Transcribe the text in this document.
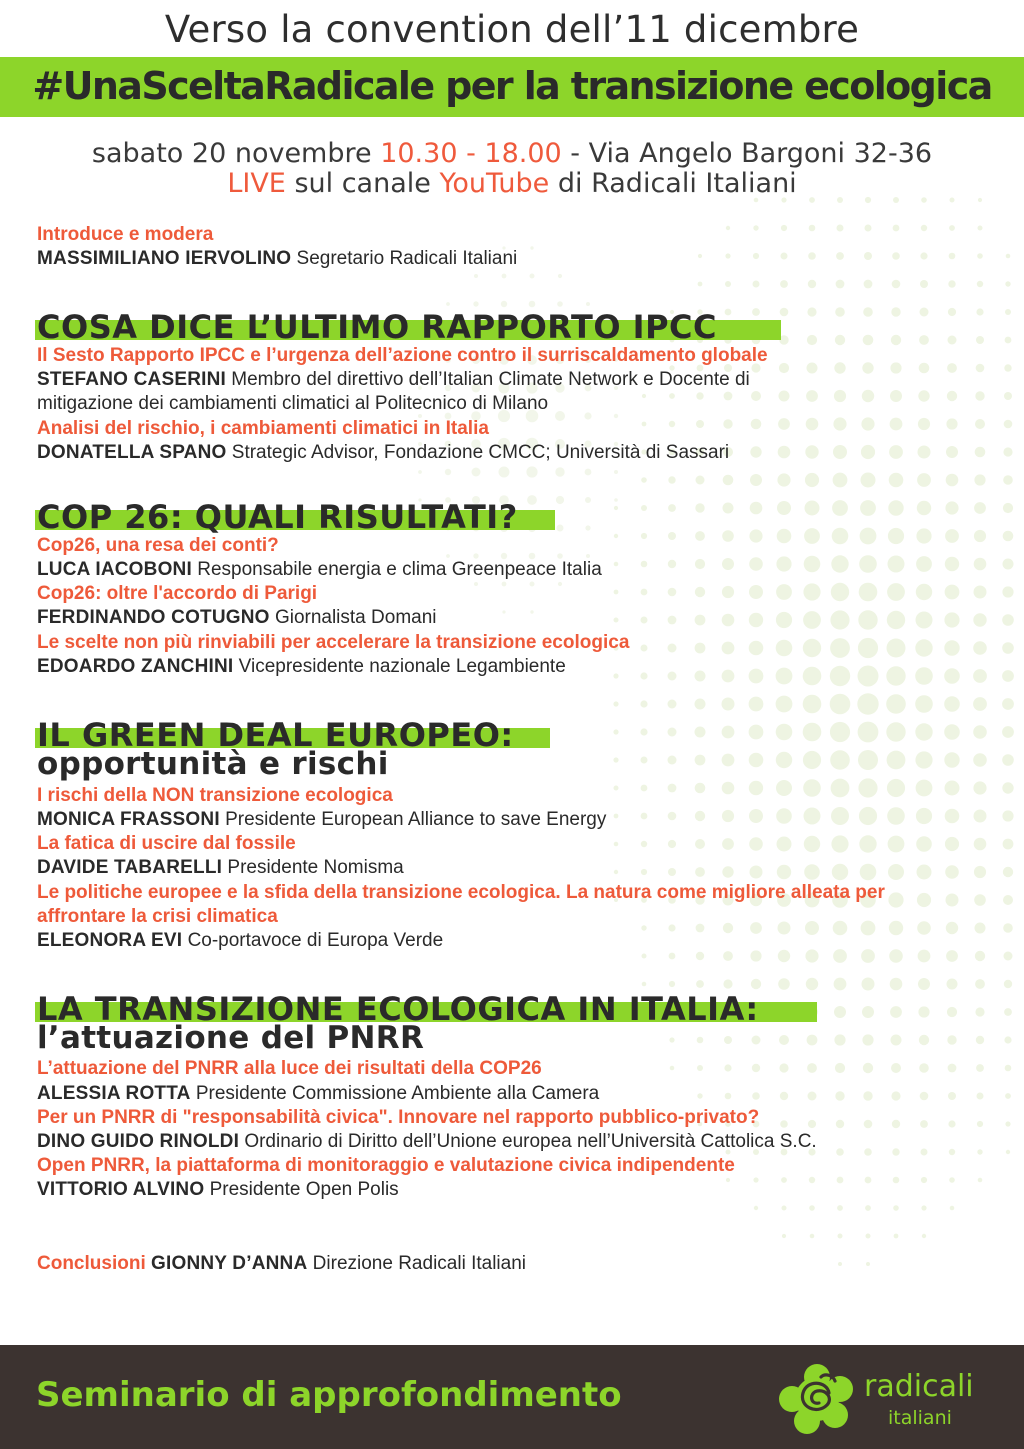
Verso la convention dell’11 dicembre
#UnaSceltaRadicale per la transizione ecologica
sabato 20 novembre 10.30 - 18.00 - Via Angelo Bargoni 32-36
LIVE sul canale YouTube di Radicali Italiani
Introduce e modera
MASSIMILIANO IERVOLINO Segretario Radicali Italiani
COSA DICE L’ULTIMO RAPPORTO IPCC
Il Sesto Rapporto IPCC e l’urgenza dell’azione contro il surriscaldamento globale
STEFANO CASERINI Membro del direttivo dell’Italian Climate Network e Docente di
mitigazione dei cambiamenti climatici al Politecnico di Milano
Analisi del rischio, i cambiamenti climatici in Italia
DONATELLA SPANO Strategic Advisor, Fondazione CMCC; Università di Sassari
COP 26: QUALI RISULTATI?
Cop26, una resa dei conti?
LUCA IACOBONI Responsabile energia e clima Greenpeace Italia
Cop26: oltre l'accordo di Parigi
FERDINANDO COTUGNO Giornalista Domani
Le scelte non più rinviabili per accelerare la transizione ecologica
EDOARDO ZANCHINI Vicepresidente nazionale Legambiente
IL GREEN DEAL EUROPEO:
opportunità e rischi
I rischi della NON transizione ecologica
MONICA FRASSONI Presidente European Alliance to save Energy
La fatica di uscire dal fossile
DAVIDE TABARELLI Presidente Nomisma
Le politiche europee e la sfida della transizione ecologica. La natura come migliore alleata per
affrontare la crisi climatica
ELEONORA EVI Co-portavoce di Europa Verde
LA TRANSIZIONE ECOLOGICA IN ITALIA:
l’attuazione del PNRR
L’attuazione del PNRR alla luce dei risultati della COP26
ALESSIA ROTTA Presidente Commissione Ambiente alla Camera
Per un PNRR di "responsabilità civica". Innovare nel rapporto pubblico-privato?
DINO GUIDO RINOLDI Ordinario di Diritto dell’Unione europea nell’Università Cattolica S.C.
Open PNRR, la piattaforma di monitoraggio e valutazione civica indipendente
VITTORIO ALVINO Presidente Open Polis
Conclusioni GIONNY D’ANNA Direzione Radicali Italiani
Seminario di approfondimento	radicali
italiani
